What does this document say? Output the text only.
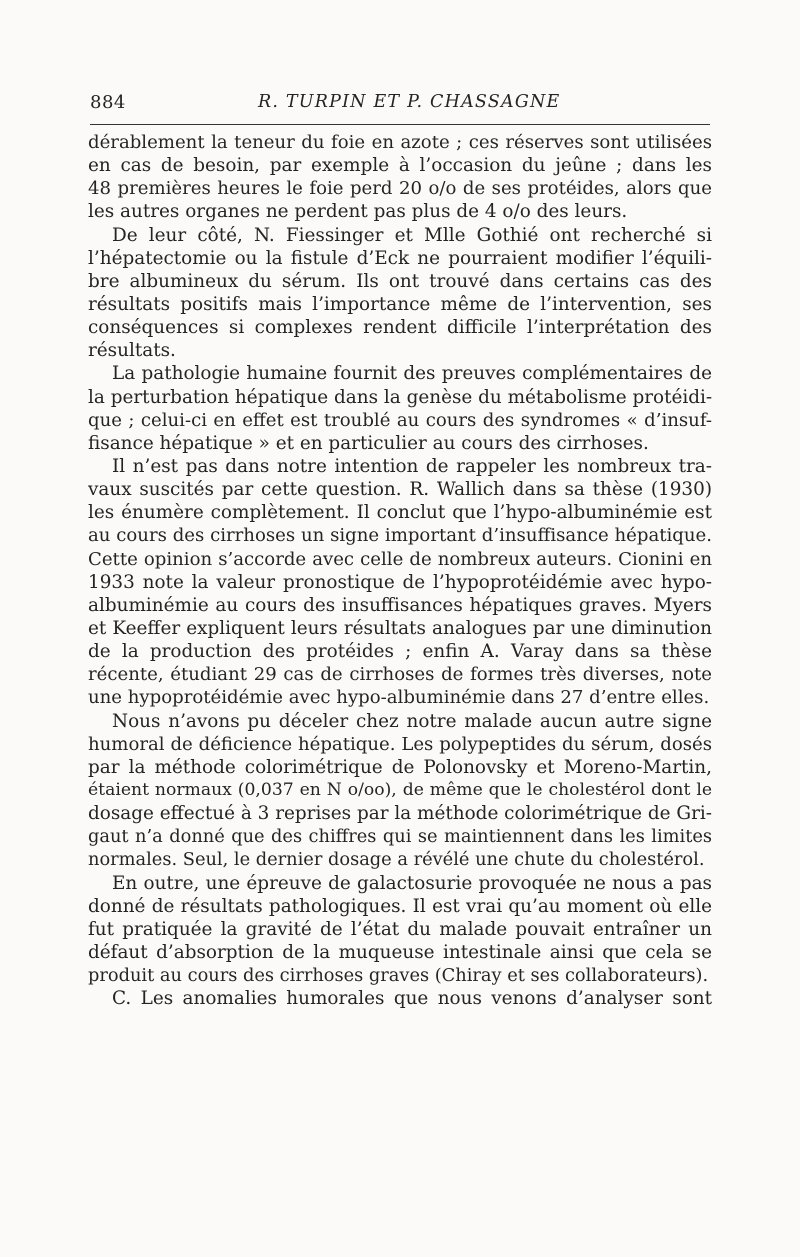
884	R. TURPIN ET P. CHASSAGNE
dérablement la teneur du foie en azote ; ces réserves sont utilisées
en cas de besoin, par exemple à l’occasion du jeûne ; dans les
48 premières heures le foie perd 20 o/o de ses protéides, alors que
les autres organes ne perdent pas plus de 4 o/o des leurs.
De leur côté, N. Fiessinger et Mlle Gothié ont recherché si
l’hépatectomie ou la fistule d’Eck ne pourraient modifier l’équili-
bre albumineux du sérum. Ils ont trouvé dans certains cas des
résultats positifs mais l’importance même de l’intervention, ses
conséquences si complexes rendent difficile l’interprétation des
résultats.
La pathologie humaine fournit des preuves complémentaires de
la perturbation hépatique dans la genèse du métabolisme protéidi-
que ; celui-ci en effet est troublé au cours des syndromes « d’insuf-
fisance hépatique » et en particulier au cours des cirrhoses.
Il n’est pas dans notre intention de rappeler les nombreux tra-
vaux suscités par cette question. R. Wallich dans sa thèse (1930)
les énumère complètement. Il conclut que l’hypo-albuminémie est
au cours des cirrhoses un signe important d’insuffisance hépatique.
Cette opinion s’accorde avec celle de nombreux auteurs. Cionini en
1933 note la valeur pronostique de l’hypoprotéidémie avec hypo-
albuminémie au cours des insuffisances hépatiques graves. Myers
et Keeffer expliquent leurs résultats analogues par une diminution
de la production des protéides ; enfin A. Varay dans sa thèse
récente, étudiant 29 cas de cirrhoses de formes très diverses, note
une hypoprotéidémie avec hypo-albuminémie dans 27 d’entre elles.
Nous n’avons pu déceler chez notre malade aucun autre signe
humoral de déficience hépatique. Les polypeptides du sérum, dosés
par la méthode colorimétrique de Polonovsky et Moreno-Martin,
étaient normaux (0,037 en N o/oo), de même que le cholestérol dont le
dosage effectué à 3 reprises par la méthode colorimétrique de Gri-
gaut n’a donné que des chiffres qui se maintiennent dans les limites
normales. Seul, le dernier dosage a révélé une chute du cholestérol.
En outre, une épreuve de galactosurie provoquée ne nous a pas
donné de résultats pathologiques. Il est vrai qu’au moment où elle
fut pratiquée la gravité de l’état du malade pouvait entraîner un
défaut d’absorption de la muqueuse intestinale ainsi que cela se
produit au cours des cirrhoses graves (Chiray et ses collaborateurs).
C. Les anomalies humorales que nous venons d’analyser sont
